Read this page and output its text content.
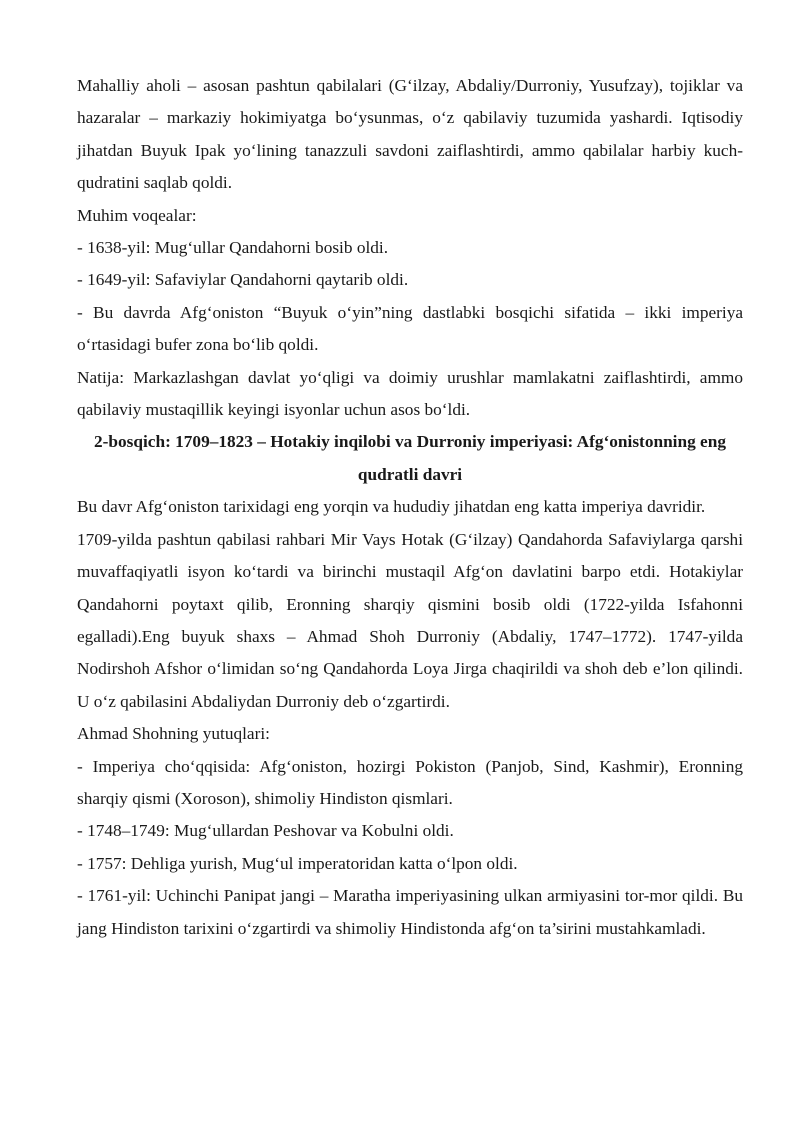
Mahalliy aholi – asosan pashtun qabilalari (G‘ilzay, Abdaliy/Durroniy, Yusufzay), tojiklar va hazaralar – markaziy hokimiyatga bo‘ysunmas, o‘z qabilaviy tuzumida yashardi. Iqtisodiy jihatdan Buyuk Ipak yo‘lining tanazzuli savdoni zaiflashtirdi, ammo qabilalar harbiy kuch-qudratini saqlab qoldi.

Muhim voqealar:

- 1638-yil: Mug‘ullar Qandahorni bosib oldi.

- 1649-yil: Safaviylar Qandahorni qaytarib oldi.

- Bu davrda Afg‘oniston “Buyuk o‘yin”ning dastlabki bosqichi sifatida – ikki imperiya o‘rtasidagi bufer zona bo‘lib qoldi.

Natija: Markazlashgan davlat yo‘qligi va doimiy urushlar mamlakatni zaiflashtirdi, ammo qabilaviy mustaqillik keyingi isyonlar uchun asos bo‘ldi.

2-bosqich: 1709–1823 – Hotakiy inqilobi va Durroniy imperiyasi: Afg‘onistonning eng qudratli davri

Bu davr Afg‘oniston tarixidagi eng yorqin va hududiy jihatdan eng katta imperiya davridir.

1709-yilda pashtun qabilasi rahbari Mir Vays Hotak (G‘ilzay) Qandahorda Safaviylarga qarshi muvaffaqiyatli isyon ko‘tardi va birinchi mustaqil Afg‘on davlatini barpo etdi. Hotakiylar Qandahorni poytaxt qilib, Eronning sharqiy qismini bosib oldi (1722-yilda Isfahonni egalladi).Eng buyuk shaxs – Ahmad Shoh Durroniy (Abdaliy, 1747–1772). 1747-yilda Nodirshoh Afshor o‘limidan so‘ng Qandahorda Loya Jirga chaqirildi va shoh deb e’lon qilindi. U o‘z qabilasini Abdaliydan Durroniy deb o‘zgartirdi.

Ahmad Shohning yutuqlari:

- Imperiya cho‘qqisida: Afg‘oniston, hozirgi Pokiston (Panjob, Sind, Kashmir), Eronning sharqiy qismi (Xoroson), shimoliy Hindiston qismlari.

- 1748–1749: Mug‘ullardan Peshovar va Kobulni oldi.

- 1757: Dehliga yurish, Mug‘ul imperatoridan katta o‘lpon oldi.

- 1761-yil: Uchinchi Panipat jangi – Maratha imperiyasining ulkan armiyasini tor-mor qildi. Bu jang Hindiston tarixini o‘zgartirdi va shimoliy Hindistonda afg‘on ta’sirini mustahkamladi.
